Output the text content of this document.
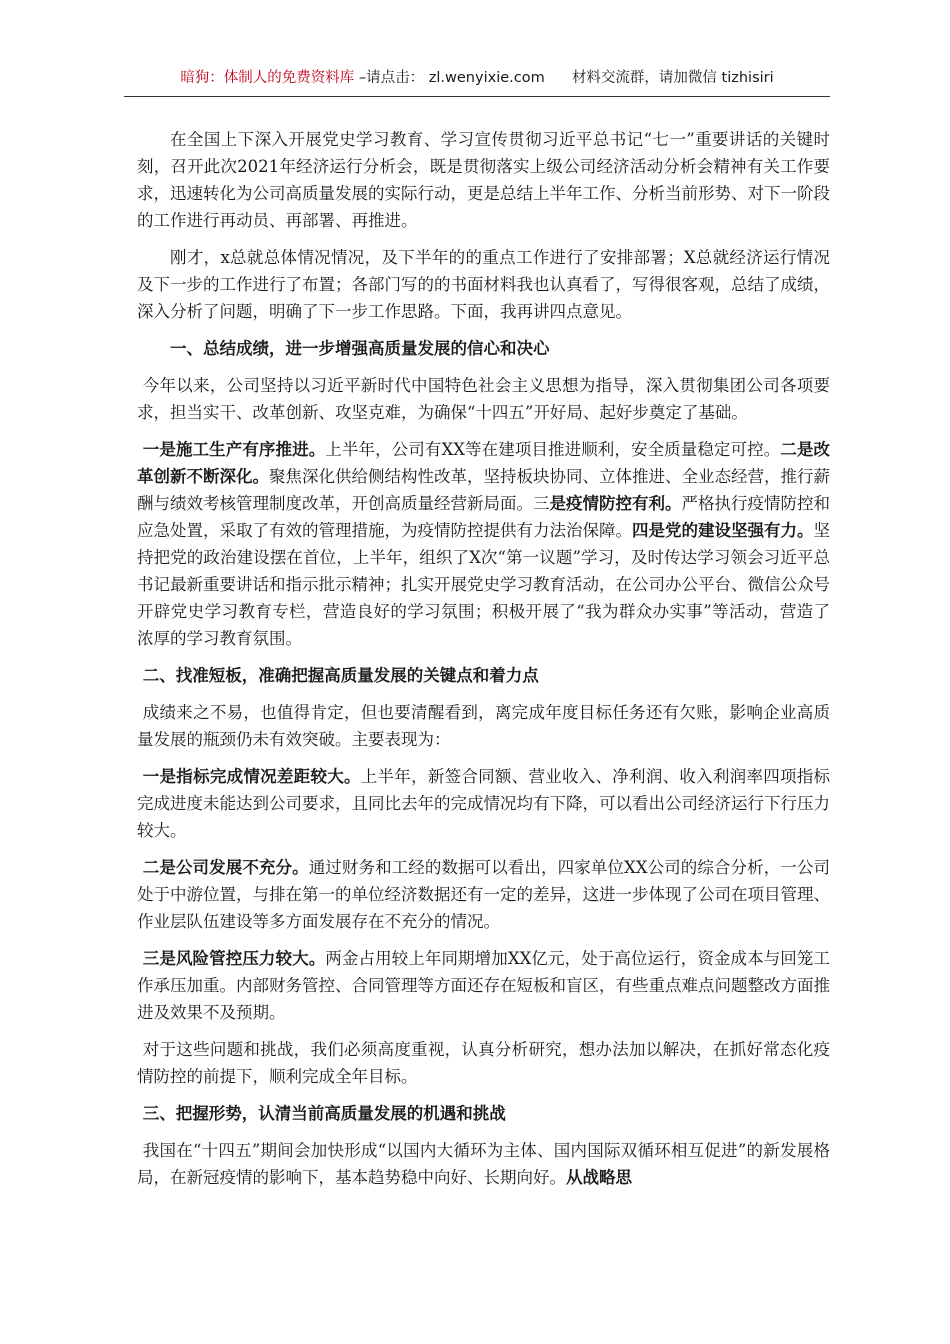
暗狗：体制人的免费资料库 –请点击： zl.wenyixie.com 材料交流群，请加微信 tizhisiri

在全国上下深入开展党史学习教育、学习宣传贯彻习近平总书记“七一”重要讲话的关键时刻，召开此次2021年经济运行分析会，既是贯彻落实上级公司经济活动分析会精神有关工作要求，迅速转化为公司高质量发展的实际行动，更是总结上半年工作、分析当前形势、对下一阶段的工作进行再动员、再部署、再推进。

刚才，x总就总体情况情况，及下半年的的重点工作进行了安排部署；X总就经济运行情况及下一步的工作进行了布置；各部门写的的书面材料我也认真看了，写得很客观，总结了成绩，深入分析了问题，明确了下一步工作思路。下面，我再讲四点意见。

一、总结成绩，进一步增强高质量发展的信心和决心

今年以来，公司坚持以习近平新时代中国特色社会主义思想为指导，深入贯彻集团公司各项要求，担当实干、改革创新、攻坚克难，为确保“十四五”开好局、起好步奠定了基础。

一是施工生产有序推进。上半年，公司有XX等在建项目推进顺利，安全质量稳定可控。二是改革创新不断深化。聚焦深化供给侧结构性改革，坚持板块协同、立体推进、全业态经营，推行薪酬与绩效考核管理制度改革，开创高质量经营新局面。三是疫情防控有利。严格执行疫情防控和应急处置，采取了有效的管理措施，为疫情防控提供有力法治保障。四是党的建设坚强有力。坚持把党的政治建设摆在首位，上半年，组织了X次“第一议题”学习，及时传达学习领会习近平总书记最新重要讲话和指示批示精神；扎实开展党史学习教育活动，在公司办公平台、微信公众号开辟党史学习教育专栏，营造良好的学习氛围；积极开展了“我为群众办实事”等活动，营造了浓厚的学习教育氛围。

二、找准短板，准确把握高质量发展的关键点和着力点

成绩来之不易，也值得肯定，但也要清醒看到，离完成年度目标任务还有欠账，影响企业高质量发展的瓶颈仍未有效突破。主要表现为：

一是指标完成情况差距较大。上半年，新签合同额、营业收入、净利润、收入利润率四项指标完成进度未能达到公司要求，且同比去年的完成情况均有下降，可以看出公司经济运行下行压力较大。

二是公司发展不充分。通过财务和工经的数据可以看出，四家单位XX公司的综合分析，一公司处于中游位置，与排在第一的单位经济数据还有一定的差异，这进一步体现了公司在项目管理、作业层队伍建设等多方面发展存在不充分的情况。

三是风险管控压力较大。两金占用较上年同期增加XX亿元，处于高位运行，资金成本与回笼工作承压加重。内部财务管控、合同管理等方面还存在短板和盲区，有些重点难点问题整改方面推进及效果不及预期。

对于这些问题和挑战，我们必须高度重视，认真分析研究，想办法加以解决，在抓好常态化疫情防控的前提下，顺利完成全年目标。

三、把握形势，认清当前高质量发展的机遇和挑战

我国在“十四五”期间会加快形成“以国内大循环为主体、国内国际双循环相互促进”的新发展格局，在新冠疫情的影响下，基本趋势稳中向好、长期向好。从战略思
